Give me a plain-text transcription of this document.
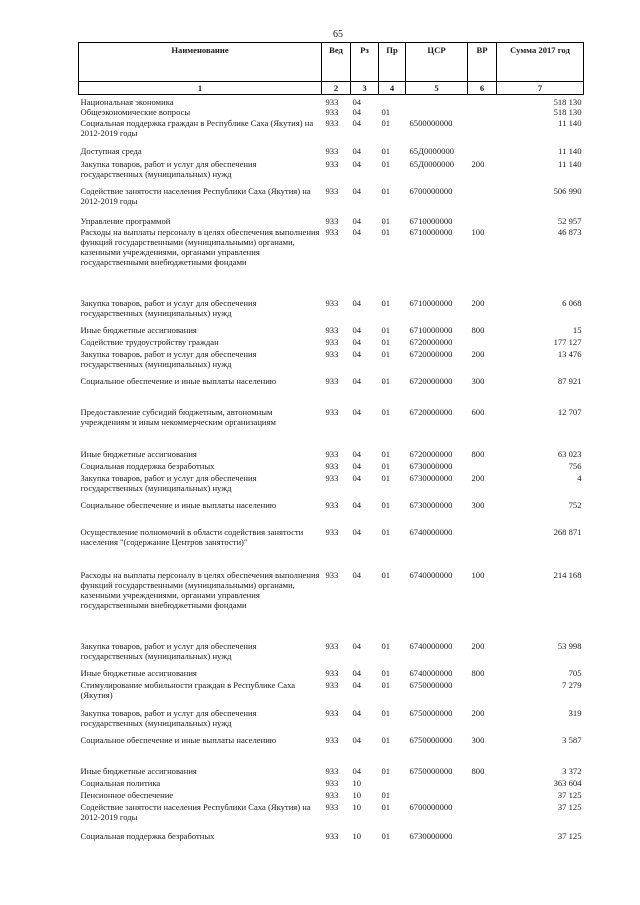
65
Наименование	Вед	Рз	Пр	ЦСР	ВР	Сумма 2017 год
1	2	3	4	5	6	7
Национальная экономика	933	04				518 130
Общеэкономические вопросы	933	04	01			518 130
Социальная поддержка граждан в Республике Саха (Якутия) на 2012-2019 годы	933	04	01	6500000000		11 140
Доступная среда	933	04	01	65Д0000000		11 140
Закупка товаров, работ и услуг для обеспечения государственных (муниципальных) нужд	933	04	01	65Д0000000	200	11 140
Содействие занятости населения Республики Саха (Якутия) на 2012-2019 годы	933	04	01	6700000000		506 990
Управление программой	933	04	01	6710000000		52 957
Расходы на выплаты персоналу в целях обеспечения выполнения функций государственными (муниципальными) органами, казенными учреждениями, органами управления государственными внебюджетными фондами	933	04	01	6710000000	100	46 873
Закупка товаров, работ и услуг для обеспечения государственных (муниципальных) нужд	933	04	01	6710000000	200	6 068
Иные бюджетные ассигнования	933	04	01	6710000000	800	15
Содействие трудоустройству граждан	933	04	01	6720000000		177 127
Закупка товаров, работ и услуг для обеспечения государственных (муниципальных) нужд	933	04	01	6720000000	200	13 476
Социальное обеспечение и иные выплаты населению	933	04	01	6720000000	300	87 921
Предоставление субсидий бюджетным, автономным учреждениям и иным некоммерческим организациям	933	04	01	6720000000	600	12 707
Иные бюджетные ассигнования	933	04	01	6720000000	800	63 023
Социальная поддержка безработных	933	04	01	6730000000		756
Закупка товаров, работ и услуг для обеспечения государственных (муниципальных) нужд	933	04	01	6730000000	200	4
Социальное обеспечение и иные выплаты населению	933	04	01	6730000000	300	752
Осуществление полномочий в области содействия занятости населения "(содержание Центров занятости)"	933	04	01	6740000000		268 871
Расходы на выплаты персоналу в целях обеспечения выполнения функций государственными (муниципальными) органами, казенными учреждениями, органами управления государственными внебюджетными фондами	933	04	01	6740000000	100	214 168
Закупка товаров, работ и услуг для обеспечения государственных (муниципальных) нужд	933	04	01	6740000000	200	53 998
Иные бюджетные ассигнования	933	04	01	6740000000	800	705
Стимулирование мобильности граждан в Республике Саха (Якутия)	933	04	01	6750000000		7 279
Закупка товаров, работ и услуг для обеспечения государственных (муниципальных) нужд	933	04	01	6750000000	200	319
Социальное обеспечение и иные выплаты населению	933	04	01	6750000000	300	3 587
Иные бюджетные ассигнования	933	04	01	6750000000	800	3 372
Социальная политика	933	10				363 604
Пенсионное обеспечение	933	10	01			37 125
Содействие занятости населения Республики Саха (Якутия) на 2012-2019 годы	933	10	01	6700000000		37 125
Социальная поддержка безработных	933	10	01	6730000000		37 125
